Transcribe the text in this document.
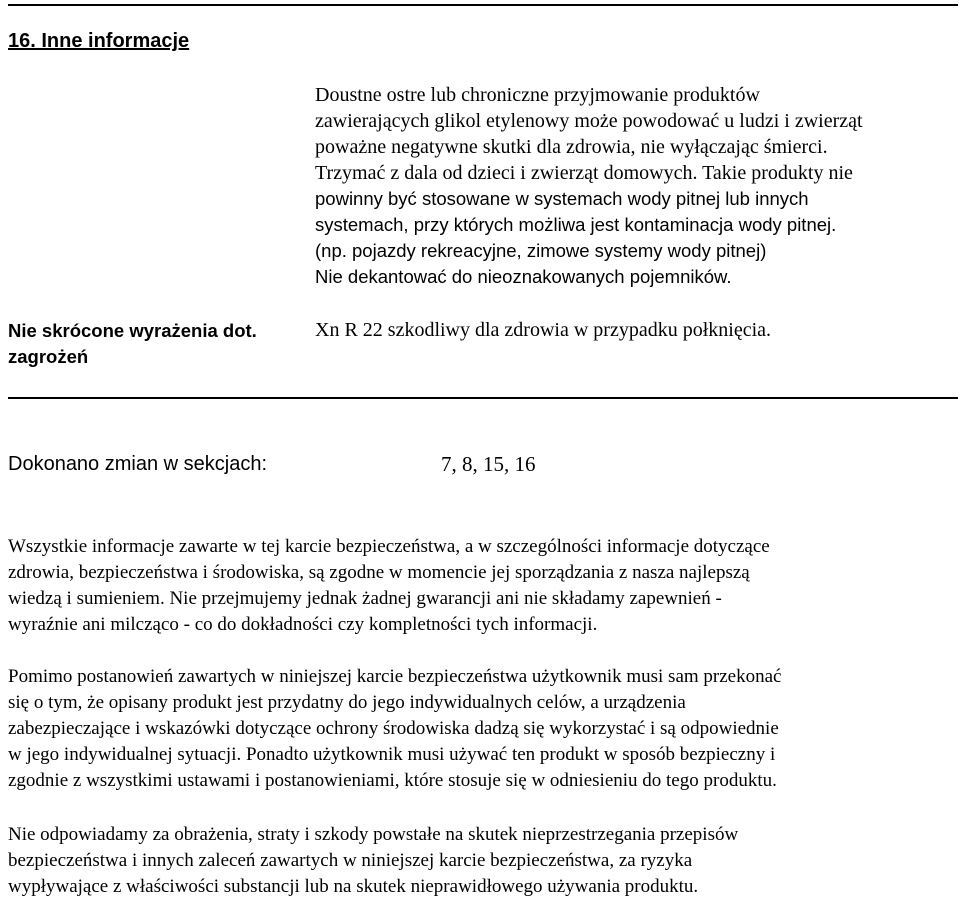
16. Inne informacje
Doustne ostre lub chroniczne przyjmowanie produktów
zawierających glikol etylenowy może powodować u ludzi i zwierząt
poważne negatywne skutki dla zdrowia, nie wyłączając śmierci.
Trzymać z dala od dzieci i zwierząt domowych. Takie produkty nie
powinny być stosowane w systemach wody pitnej lub innych
systemach, przy których możliwa jest kontaminacja wody pitnej.
(np. pojazdy rekreacyjne, zimowe systemy wody pitnej)
Nie dekantować do nieoznakowanych pojemników.
Nie skrócone wyrażenia dot. zagrożeń
Xn R 22 szkodliwy dla zdrowia w przypadku połknięcia.
Dokonano zmian w sekcjach:	7, 8, 15, 16
Wszystkie informacje zawarte w tej karcie bezpieczeństwa, a w szczególności informacje dotyczące
zdrowia, bezpieczeństwa i środowiska, są zgodne w momencie jej sporządzania z nasza najlepszą
wiedzą i sumieniem. Nie przejmujemy jednak żadnej gwarancji ani nie składamy zapewnień -
wyraźnie ani milcząco - co do dokładności czy kompletności tych informacji.
Pomimo postanowień zawartych w niniejszej karcie bezpieczeństwa użytkownik musi sam przekonać
się o tym, że opisany produkt jest przydatny do jego indywidualnych celów, a urządzenia
zabezpieczające i wskazówki dotyczące ochrony środowiska dadzą się wykorzystać i są odpowiednie
w jego indywidualnej sytuacji. Ponadto użytkownik musi używać ten produkt w sposób bezpieczny i
zgodnie z wszystkimi ustawami i postanowieniami, które stosuje się w odniesieniu do tego produktu.
Nie odpowiadamy za obrażenia, straty i szkody powstałe na skutek nieprzestrzegania przepisów
bezpieczeństwa i innych zaleceń zawartych w niniejszej karcie bezpieczeństwa, za ryzyka
wypływające z właściwości substancji lub na skutek nieprawidłowego używania produktu.
